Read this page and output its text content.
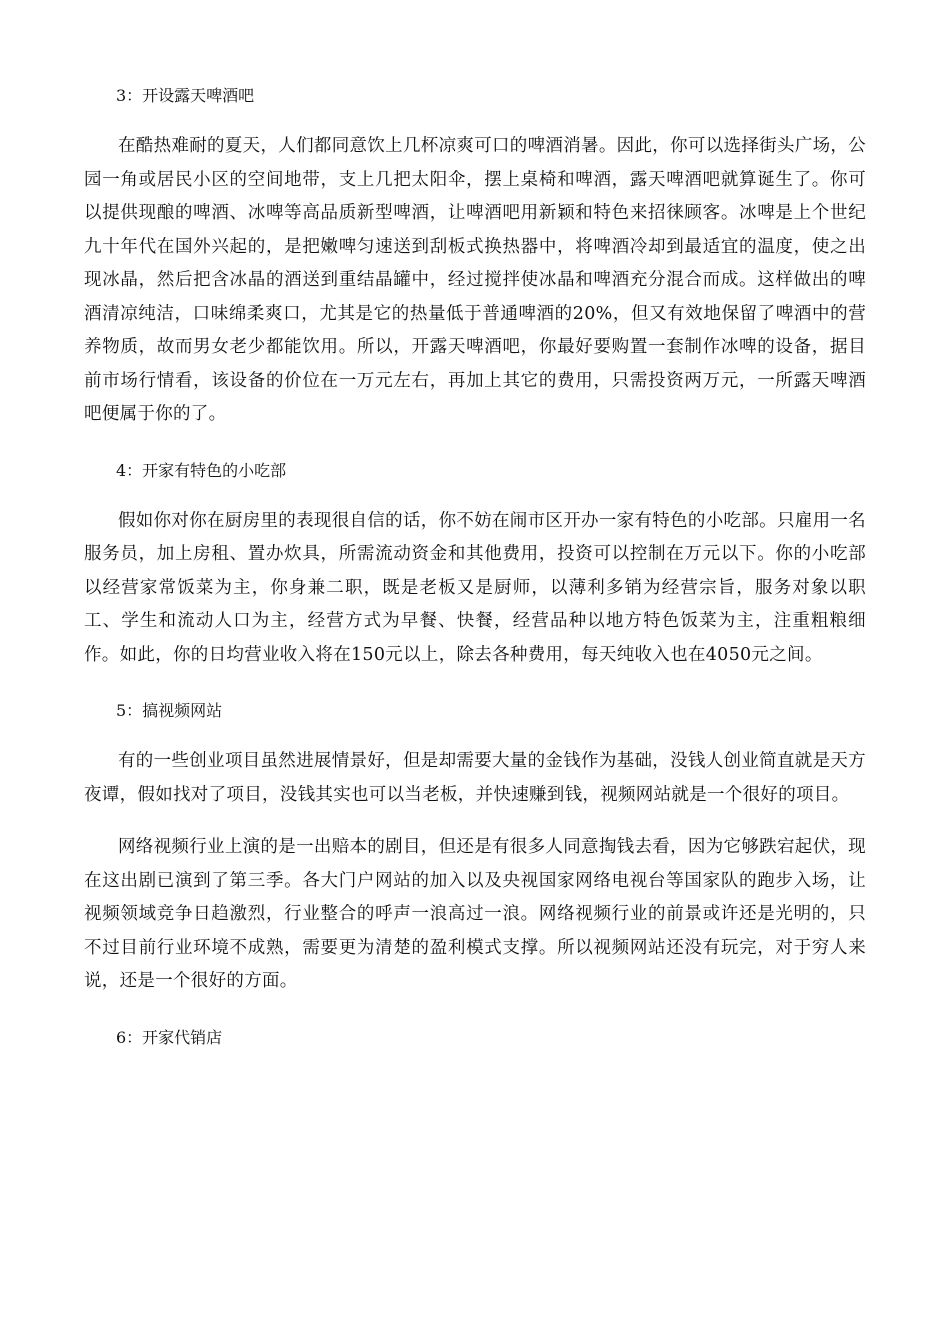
3：开设露天啤酒吧

在酷热难耐的夏天，人们都同意饮上几杯凉爽可口的啤酒消暑。因此，你可以选择街头广场，公园一角或居民小区的空间地带，支上几把太阳伞，摆上桌椅和啤酒，露天啤酒吧就算诞生了。你可以提供现酿的啤酒、冰啤等高品质新型啤酒，让啤酒吧用新颖和特色来招徕顾客。冰啤是上个世纪九十年代在国外兴起的，是把嫩啤匀速送到刮板式换热器中，将啤酒冷却到最适宜的温度，使之出现冰晶，然后把含冰晶的酒送到重结晶罐中，经过搅拌使冰晶和啤酒充分混合而成。这样做出的啤酒清凉纯洁，口味绵柔爽口，尤其是它的热量低于普通啤酒的20%，但又有效地保留了啤酒中的营养物质，故而男女老少都能饮用。所以，开露天啤酒吧，你最好要购置一套制作冰啤的设备，据目前市场行情看，该设备的价位在一万元左右，再加上其它的费用，只需投资两万元，一所露天啤酒吧便属于你的了。

4：开家有特色的小吃部

假如你对你在厨房里的表现很自信的话，你不妨在闹市区开办一家有特色的小吃部。只雇用一名服务员，加上房租、置办炊具，所需流动资金和其他费用，投资可以控制在万元以下。你的小吃部以经营家常饭菜为主，你身兼二职，既是老板又是厨师，以薄利多销为经营宗旨，服务对象以职工、学生和流动人口为主，经营方式为早餐、快餐，经营品种以地方特色饭菜为主，注重粗粮细作。如此，你的日均营业收入将在150元以上，除去各种费用，每天纯收入也在4050元之间。

5：搞视频网站

有的一些创业项目虽然进展情景好，但是却需要大量的金钱作为基础，没钱人创业简直就是天方夜谭，假如找对了项目，没钱其实也可以当老板，并快速赚到钱，视频网站就是一个很好的项目。

网络视频行业上演的是一出赔本的剧目，但还是有很多人同意掏钱去看，因为它够跌宕起伏，现在这出剧已演到了第三季。各大门户网站的加入以及央视国家网络电视台等国家队的跑步入场，让视频领域竞争日趋激烈，行业整合的呼声一浪高过一浪。网络视频行业的前景或许还是光明的，只不过目前行业环境不成熟，需要更为清楚的盈利模式支撑。所以视频网站还没有玩完，对于穷人来说，还是一个很好的方面。

6：开家代销店
